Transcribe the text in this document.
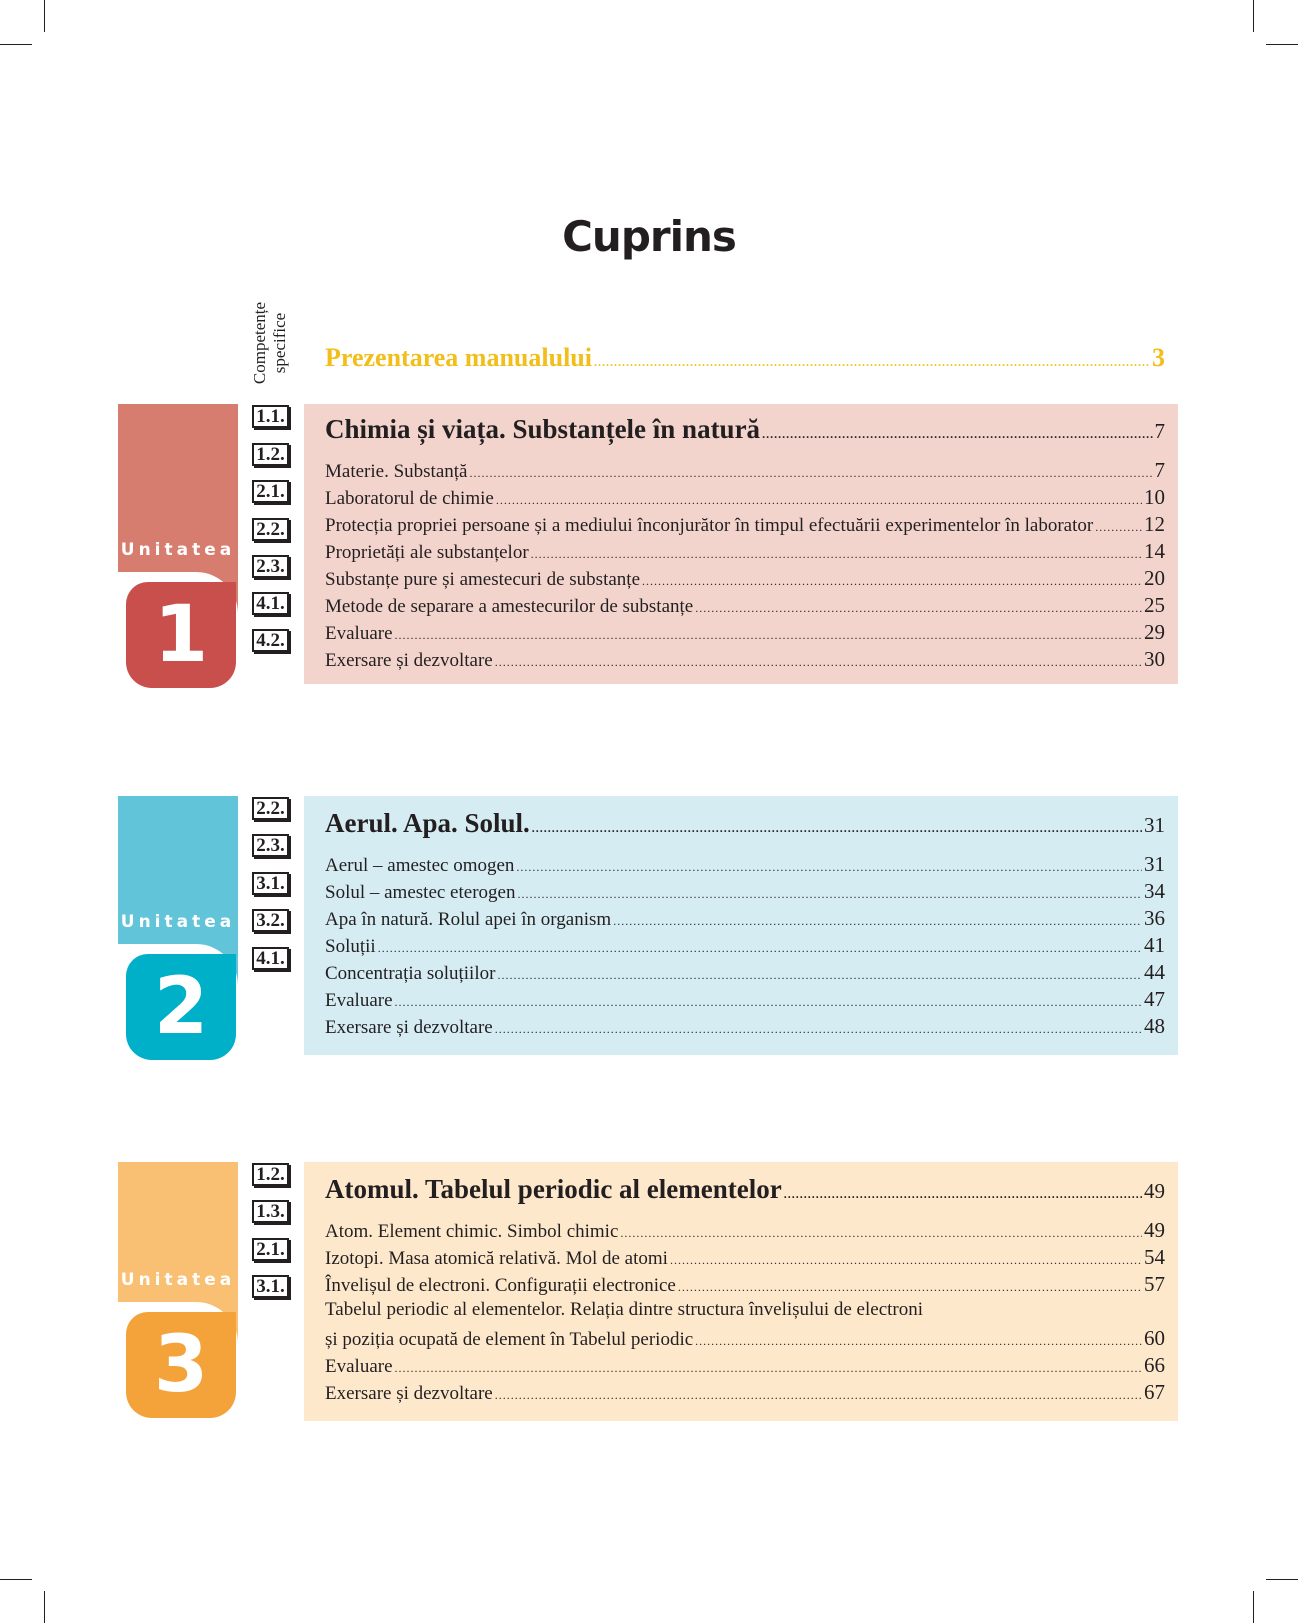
Cuprins
Competențe specifice Prezentarea manualului .....	3
Unitatea
1
1.1.
1.2.
2.1.
2.2.
2.3.
4.1.
4.2.
Chimia și viața. Substanțele în natură .....	7
Materie. Substanță .....	7
Laboratorul de chimie .....	10
Protecția propriei persoane și a mediului înconjurător în timpul efectuării experimentelor în laborator ..... 12
Proprietăți ale substanțelor .....	14
Substanțe pure și amestecuri de substanțe .....	20
Metode de separare a amestecurilor de substanțe .....	25
Evaluare .....	29
Exersare și dezvoltare .....	30
Unitatea
2
2.2.
2.3.
3.1.
3.2.
4.1.
Aerul. Apa. Solul. .....	31
Aerul – amestec omogen .....	31
Solul – amestec eterogen .....	34
Apa în natură. Rolul apei în organism .....	36
Soluții .....	41
Concentrația soluțiilor .....	44
Evaluare .....	47
Exersare și dezvoltare .....	48
Unitatea
3
1.2.
1.3.
2.1.
3.1.
Atomul. Tabelul periodic al elementelor .....	49
Atom. Element chimic. Simbol chimic .....	49
Izotopi. Masa atomică relativă. Mol de atomi .....	54
Învelișul de electroni. Configurații electronice .....	57
Tabelul periodic al elementelor. Relația dintre structura învelișului de electroni
și poziția ocupată de element în Tabelul periodic .....	60
Evaluare .....	66
Exersare și dezvoltare .....	67
